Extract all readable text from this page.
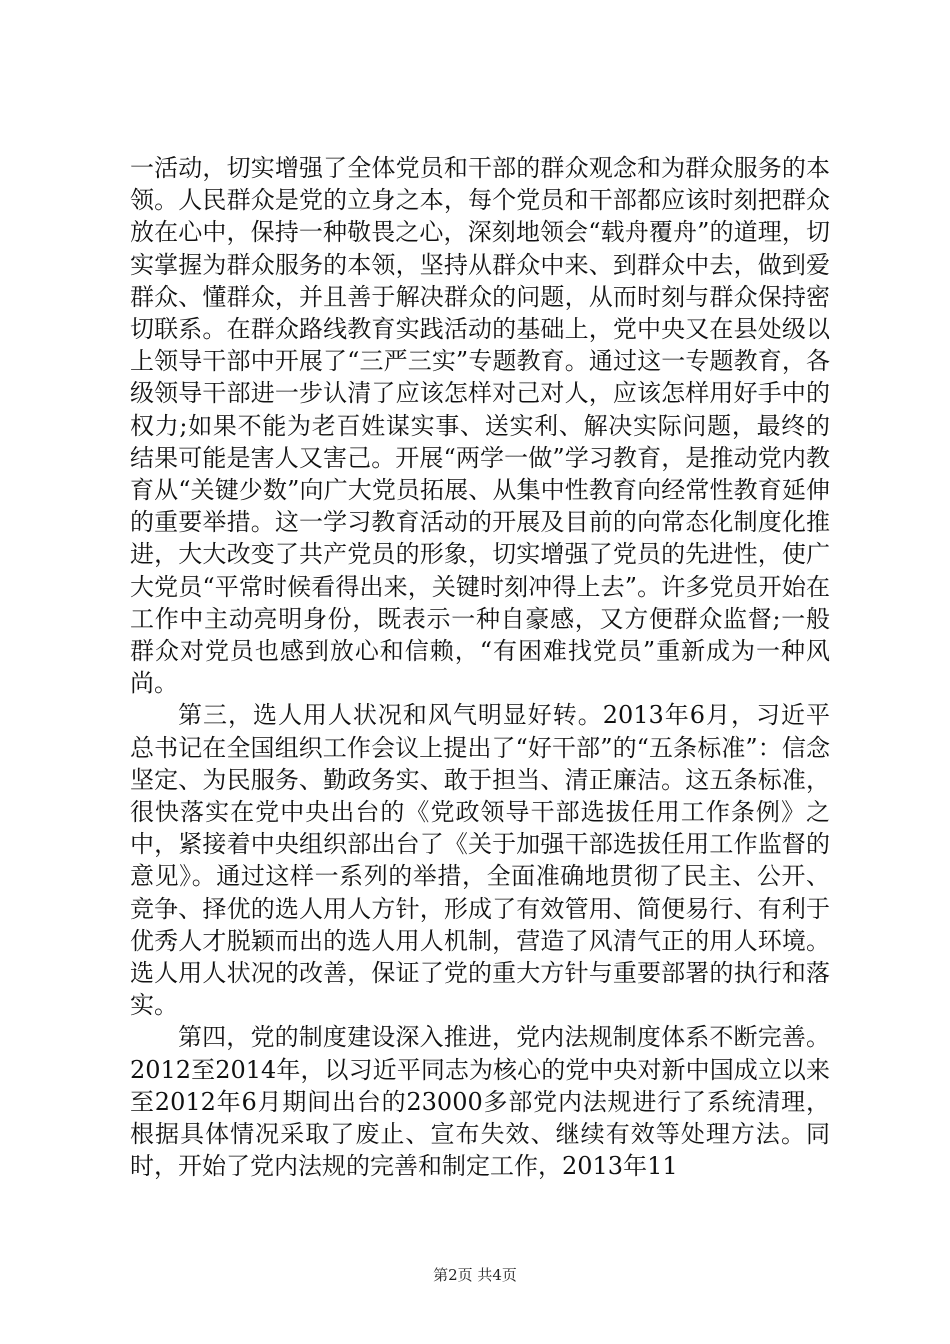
一活动，切实增强了全体党员和干部的群众观念和为群众服务的本领。人民群众是党的立身之本，每个党员和干部都应该时刻把群众放在心中，保持一种敬畏之心，深刻地领会“载舟覆舟”的道理，切实掌握为群众服务的本领，坚持从群众中来、到群众中去，做到爱群众、懂群众，并且善于解决群众的问题，从而时刻与群众保持密切联系。在群众路线教育实践活动的基础上，党中央又在县处级以上领导干部中开展了“三严三实”专题教育。通过这一专题教育，各级领导干部进一步认清了应该怎样对己对人，应该怎样用好手中的权力;如果不能为老百姓谋实事、送实利、解决实际问题，最终的结果可能是害人又害己。开展“两学一做”学习教育，是推动党内教育从“关键少数”向广大党员拓展、从集中性教育向经常性教育延伸的重要举措。这一学习教育活动的开展及目前的向常态化制度化推进，大大改变了共产党员的形象，切实增强了党员的先进性，使广大党员“平常时候看得出来，关键时刻冲得上去”。许多党员开始在工作中主动亮明身份，既表示一种自豪感，又方便群众监督;一般群众对党员也感到放心和信赖，“有困难找党员”重新成为一种风尚。

第三，选人用人状况和风气明显好转。2013年6月，习近平总书记在全国组织工作会议上提出了“好干部”的“五条标准”：信念坚定、为民服务、勤政务实、敢于担当、清正廉洁。这五条标准，很快落实在党中央出台的《党政领导干部选拔任用工作条例》之中，紧接着中央组织部出台了《关于加强干部选拔任用工作监督的意见》。通过这样一系列的举措，全面准确地贯彻了民主、公开、竞争、择优的选人用人方针，形成了有效管用、简便易行、有利于优秀人才脱颖而出的选人用人机制，营造了风清气正的用人环境。选人用人状况的改善，保证了党的重大方针与重要部署的执行和落实。

第四，党的制度建设深入推进，党内法规制度体系不断完善。2012至2014年，以习近平同志为核心的党中央对新中国成立以来至2012年6月期间出台的23000多部党内法规进行了系统清理，根据具体情况采取了废止、宣布失效、继续有效等处理方法。同时，开始了党内法规的完善和制定工作，2013年11

第2页 共4页
